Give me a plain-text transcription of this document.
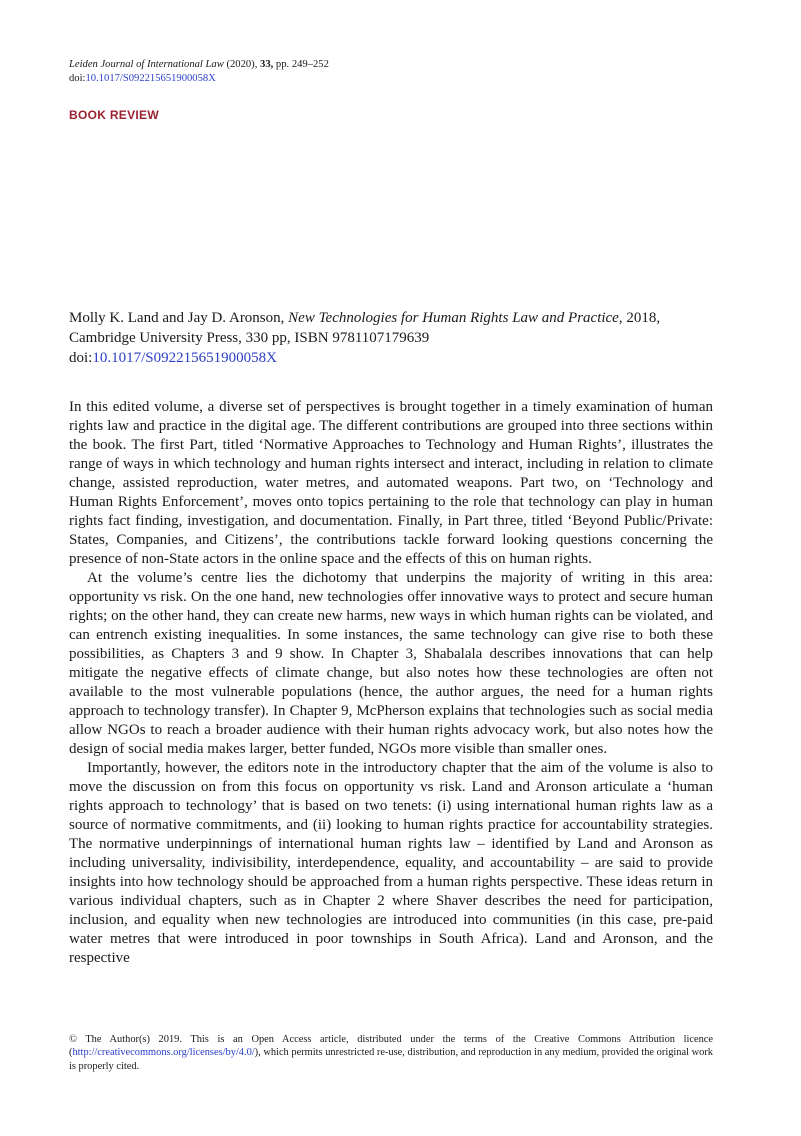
Leiden Journal of International Law (2020), 33, pp. 249–252
doi:10.1017/S092215651900058X
BOOK REVIEW
Molly K. Land and Jay D. Aronson, New Technologies for Human Rights Law and Practice, 2018, Cambridge University Press, 330 pp, ISBN 9781107179639
doi:10.1017/S092215651900058X

In this edited volume, a diverse set of perspectives is brought together in a timely examination of human rights law and practice in the digital age. The different contributions are grouped into three sections within the book. The first Part, titled ‘Normative Approaches to Technology and Human Rights’, illustrates the range of ways in which technology and human rights intersect and interact, including in relation to climate change, assisted reproduction, water metres, and automated weapons. Part two, on ‘Technology and Human Rights Enforcement’, moves onto topics pertaining to the role that technology can play in human rights fact finding, investigation, and documentation. Finally, in Part three, titled ‘Beyond Public/Private: States, Companies, and Citizens’, the contributions tackle forward looking questions concerning the presence of non-State actors in the online space and the effects of this on human rights.

At the volume’s centre lies the dichotomy that underpins the majority of writing in this area: opportunity vs risk. On the one hand, new technologies offer innovative ways to protect and secure human rights; on the other hand, they can create new harms, new ways in which human rights can be violated, and can entrench existing inequalities. In some instances, the same technology can give rise to both these possibilities, as Chapters 3 and 9 show. In Chapter 3, Shabalala describes innovations that can help mitigate the negative effects of climate change, but also notes how these technologies are often not available to the most vulnerable populations (hence, the author argues, the need for a human rights approach to technology transfer). In Chapter 9, McPherson explains that technologies such as social media allow NGOs to reach a broader audience with their human rights advocacy work, but also notes how the design of social media makes larger, better funded, NGOs more visible than smaller ones.

Importantly, however, the editors note in the introductory chapter that the aim of the volume is also to move the discussion on from this focus on opportunity vs risk. Land and Aronson articulate a ‘human rights approach to technology’ that is based on two tenets: (i) using international human rights law as a source of normative commitments, and (ii) looking to human rights practice for accountability strategies. The normative underpinnings of international human rights law – identified by Land and Aronson as including universality, indivisibility, interdependence, equality, and accountability – are said to provide insights into how technology should be approached from a human rights perspective. These ideas return in various individual chapters, such as in Chapter 2 where Shaver describes the need for participation, inclusion, and equality when new technologies are introduced into communities (in this case, pre-paid water metres that were introduced in poor townships in South Africa). Land and Aronson, and the respective

© The Author(s) 2019. This is an Open Access article, distributed under the terms of the Creative Commons Attribution licence (http://creativecommons.org/licenses/by/4.0/), which permits unrestricted re-use, distribution, and reproduction in any medium, provided the original work is properly cited.
